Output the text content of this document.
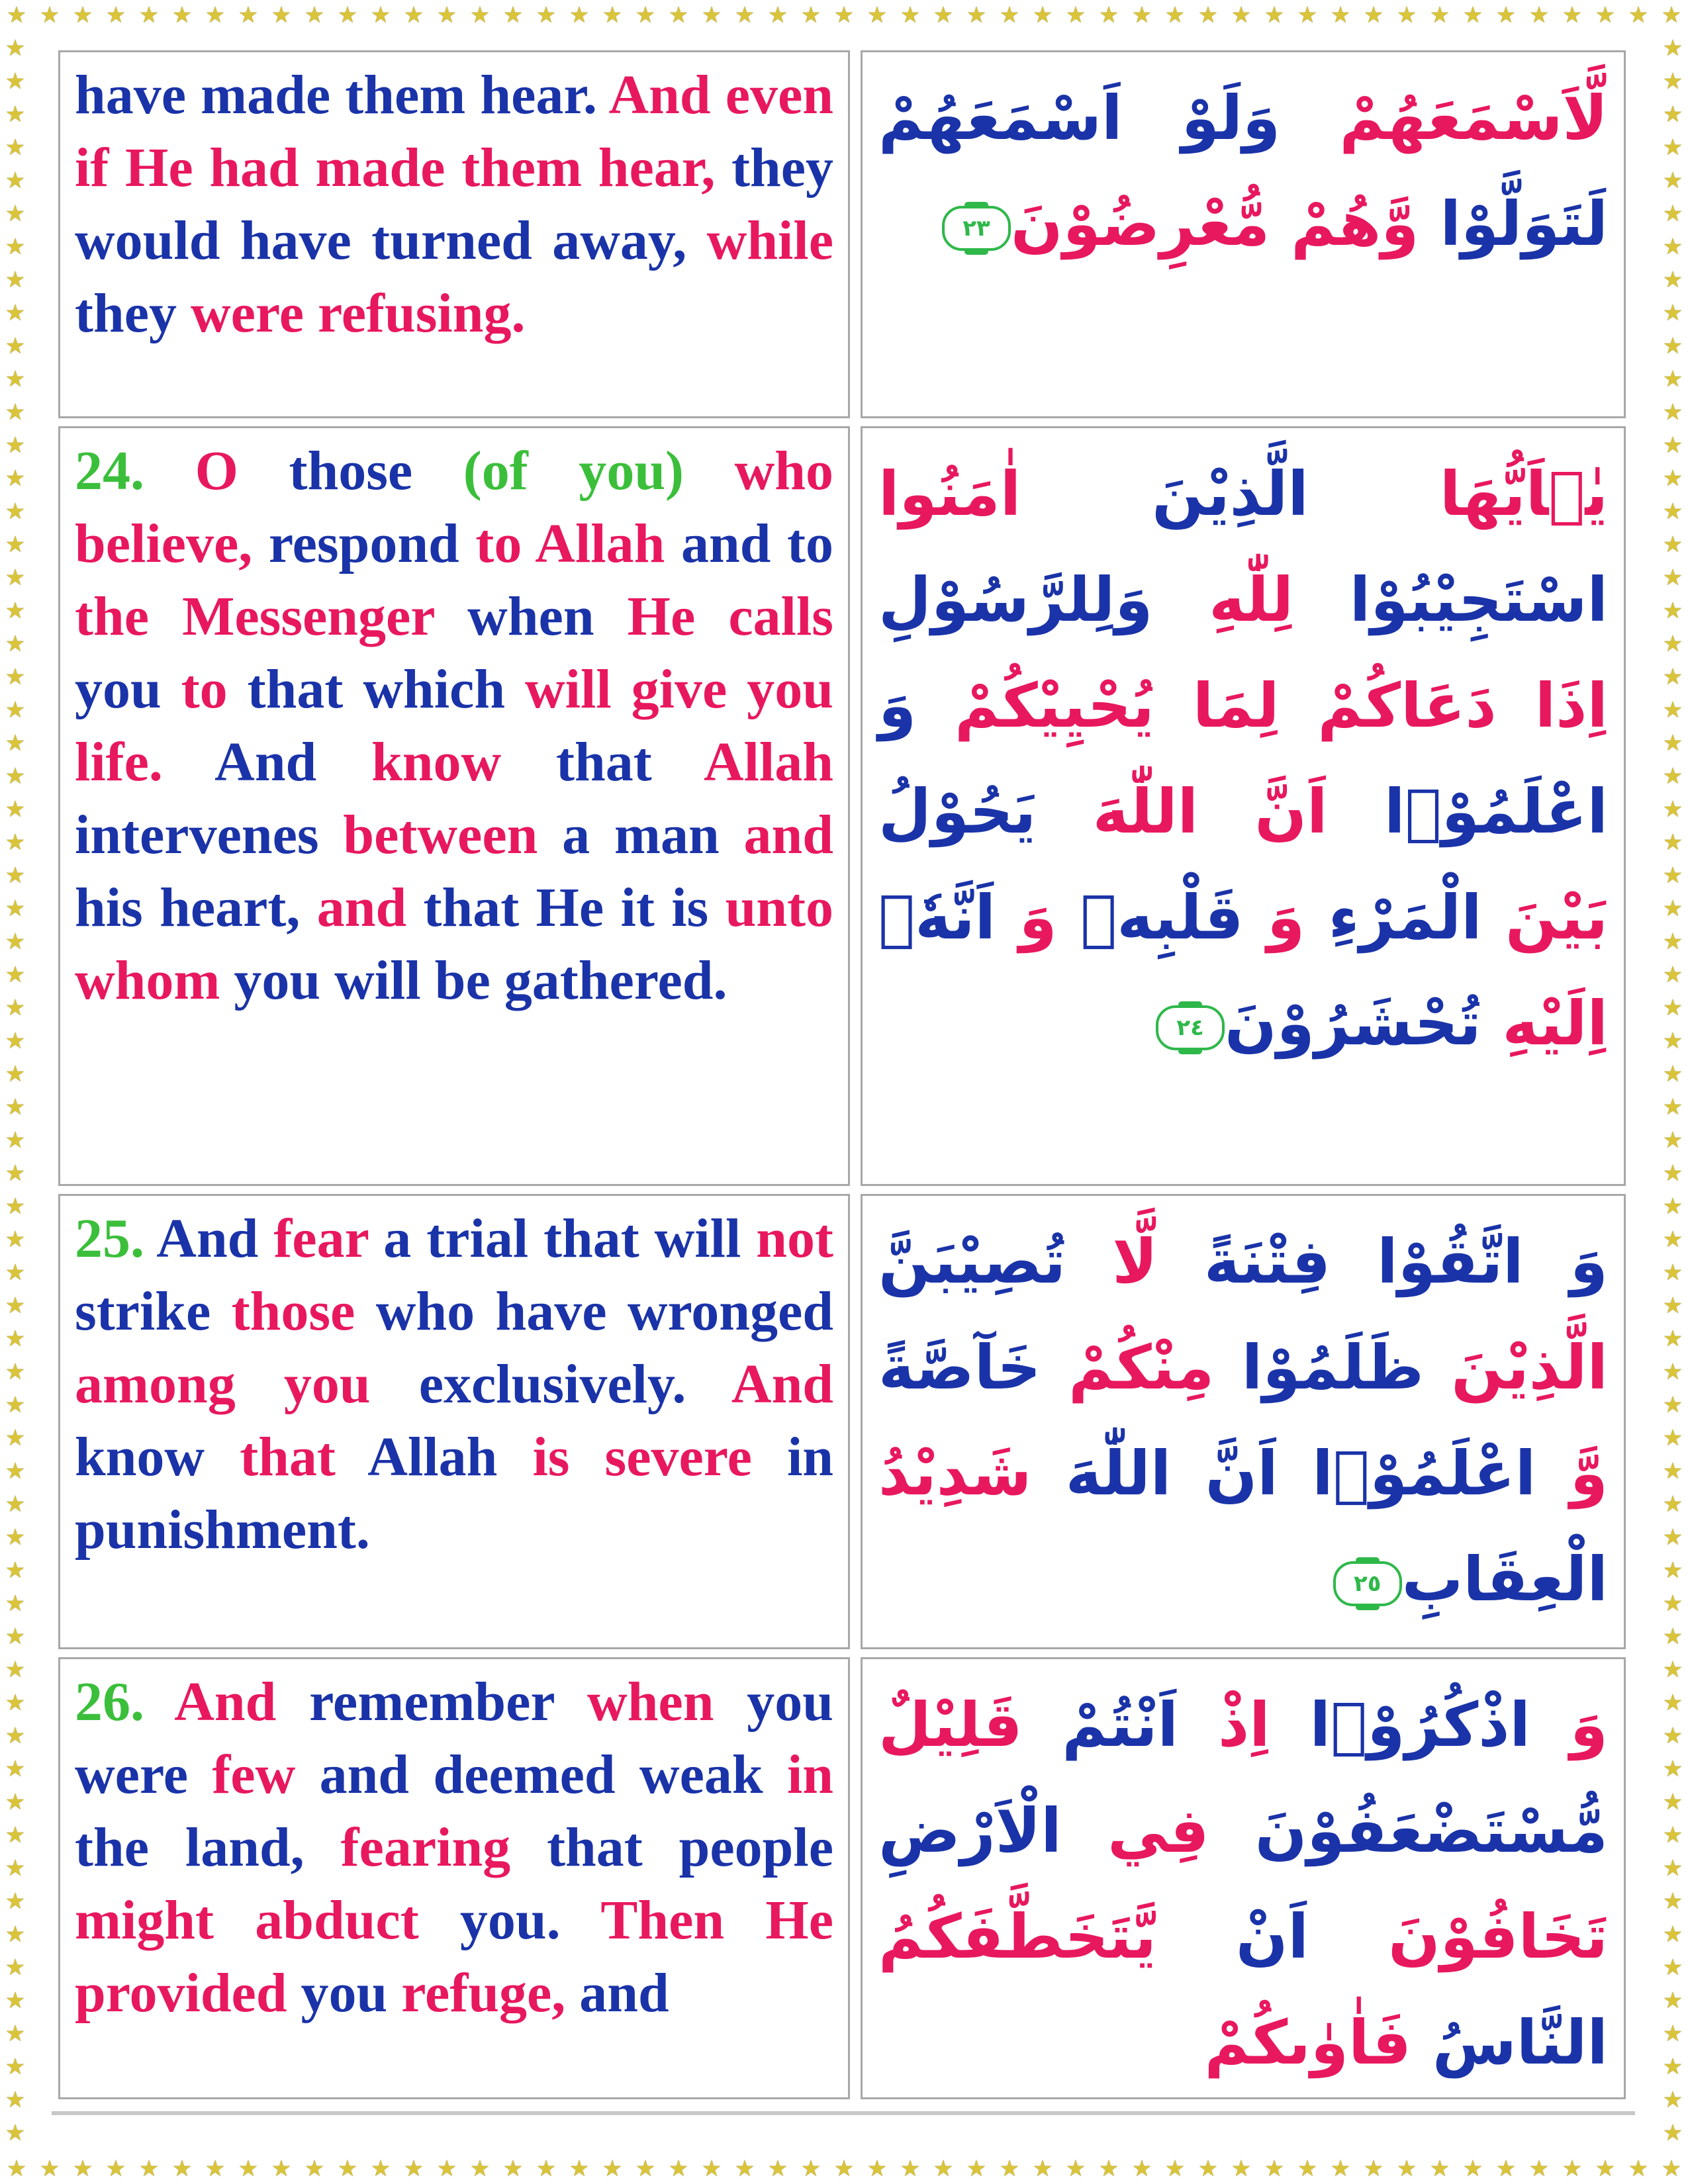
★
★
★
★
★
★
★
★
★
★
★
★
★
★
★
★
★
★
★
★
★
★
★
★
★
★
★
★
★
★
★
★
★
★
★
★
★
★
★
★
★
★
★
★
★
★
★
★
★
★
★
★
★
★
★
★
★
★
★
★
★
★
★
★
★
★
★
★
★
★
★
★
★
★
★
★
★
★
★
★
★
★
★
★
★
★
★
★
★
★
★
★
★
★
★
★
★
★
★
★
★
★
★	★
★	★
★	★
★	★
★	★
★	★
★	★
★	★
★	★
★	★
★	★
★	★
★	★
★	★
★	★
★	★
★	★
★	★
★	★
★	★
★	★
★	★
★	★
★	★
★	★
★	★
★	★
★	★
★	★
★	★
★	★
★	★
★	★
★	★
★	★
★	★
★	★
★	★
★	★
★	★
★	★
★	★
★	★
★	★
★	★
★	★
★	★
★	★
★	★
★	★
★	★
★	★
★	★
★	★
★	★
★	★
★	★
★	★
★	★
★	★
★	★
★	★
★	★
★	★

have made them hear. And even if He had made them hear, they would have turned away, while they were refusing.

لَّاَسْمَعَهُمْ وَلَوْ اَسْمَعَهُمْ لَتَوَلَّوْا وَّهُمْ مُّعْرِضُوْنَ٢٣

24. O those (of you) who believe, respond to Allah and to the Messenger when He calls you to that which will give you life. And know that Allah intervenes between a man and his heart, and that He it is unto whom you will be gathered.

يٰۤاَيُّهَا الَّذِيْنَ اٰمَنُوا اسْتَجِيْبُوْا لِلّٰهِ وَلِلرَّسُوْلِ اِذَا دَعَاكُمْ لِمَا يُحْيِيْكُمْ وَ اعْلَمُوْۤا اَنَّ اللّٰهَ يَحُوْلُ بَيْنَ الْمَرْءِ وَ قَلْبِهٖ وَ اَنَّهٗۤ اِلَيْهِ تُحْشَرُوْنَ٢٤

25. And fear a trial that will not strike those who have wronged among you exclusively. And know that Allah is severe in punishment.

وَ اتَّقُوْا فِتْنَةً لَّا تُصِيْبَنَّ الَّذِيْنَ ظَلَمُوْا مِنْكُمْ خَآصَّةً وَّ اعْلَمُوْۤا اَنَّ اللّٰهَ شَدِيْدُ الْعِقَابِ٢٥

26. And remember when you were few and deemed weak in the land, fearing that people might abduct you. Then He provided you refuge, and

وَ اذْكُرُوْۤا اِذْ اَنْتُمْ قَلِيْلٌ مُّسْتَضْعَفُوْنَ فِي الْاَرْضِ تَخَافُوْنَ اَنْ يَّتَخَطَّفَكُمُ النَّاسُ فَاٰوٰىكُمْ
